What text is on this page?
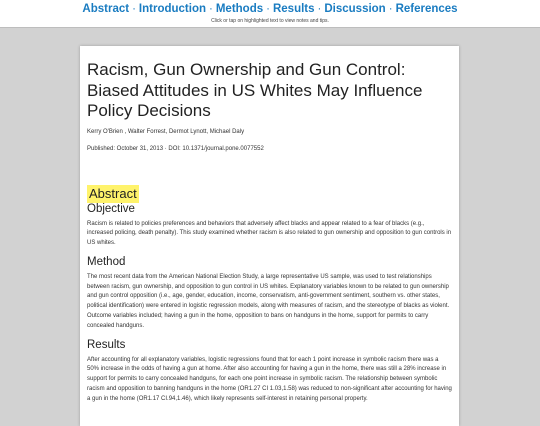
Abstract · Introduction · Methods · Results · Discussion · References
Click or tap on highlighted text to view notes and tips.
Racism, Gun Ownership and Gun Control: Biased Attitudes in US Whites May Influence Policy Decisions
Kerry O'Brien , Walter Forrest, Dermot Lynott, Michael Daly
Published: October 31, 2013 · DOI: 10.1371/journal.pone.0077552
Abstract
Objective

Racism is related to policies preferences and behaviors that adversely affect blacks and appear related to a fear of blacks (e.g., increased policing, death penalty). This study examined whether racism is also related to gun ownership and opposition to gun controls in US whites.

Method

The most recent data from the American National Election Study, a large representative US sample, was used to test relationships between racism, gun ownership, and opposition to gun control in US whites. Explanatory variables known to be related to gun ownership and gun control opposition (i.e., age, gender, education, income, conservatism, anti-government sentiment, southern vs. other states, political identification) were entered in logistic regression models, along with measures of racism, and the stereotype of blacks as violent. Outcome variables included; having a gun in the home, opposition to bans on handguns in the home, support for permits to carry concealed handguns.

Results

After accounting for all explanatory variables, logistic regressions found that for each 1 point increase in symbolic racism there was a 50% increase in the odds of having a gun at home. After also accounting for having a gun in the home, there was still a 28% increase in support for permits to carry concealed handguns, for each one point increase in symbolic racism. The relationship between symbolic racism and opposition to banning handguns in the home (OR1.27 CI 1.03,1.58) was reduced to non-significant after accounting for having a gun in the home (OR1.17 CI.94,1.46), which likely represents self-interest in retaining personal property.
